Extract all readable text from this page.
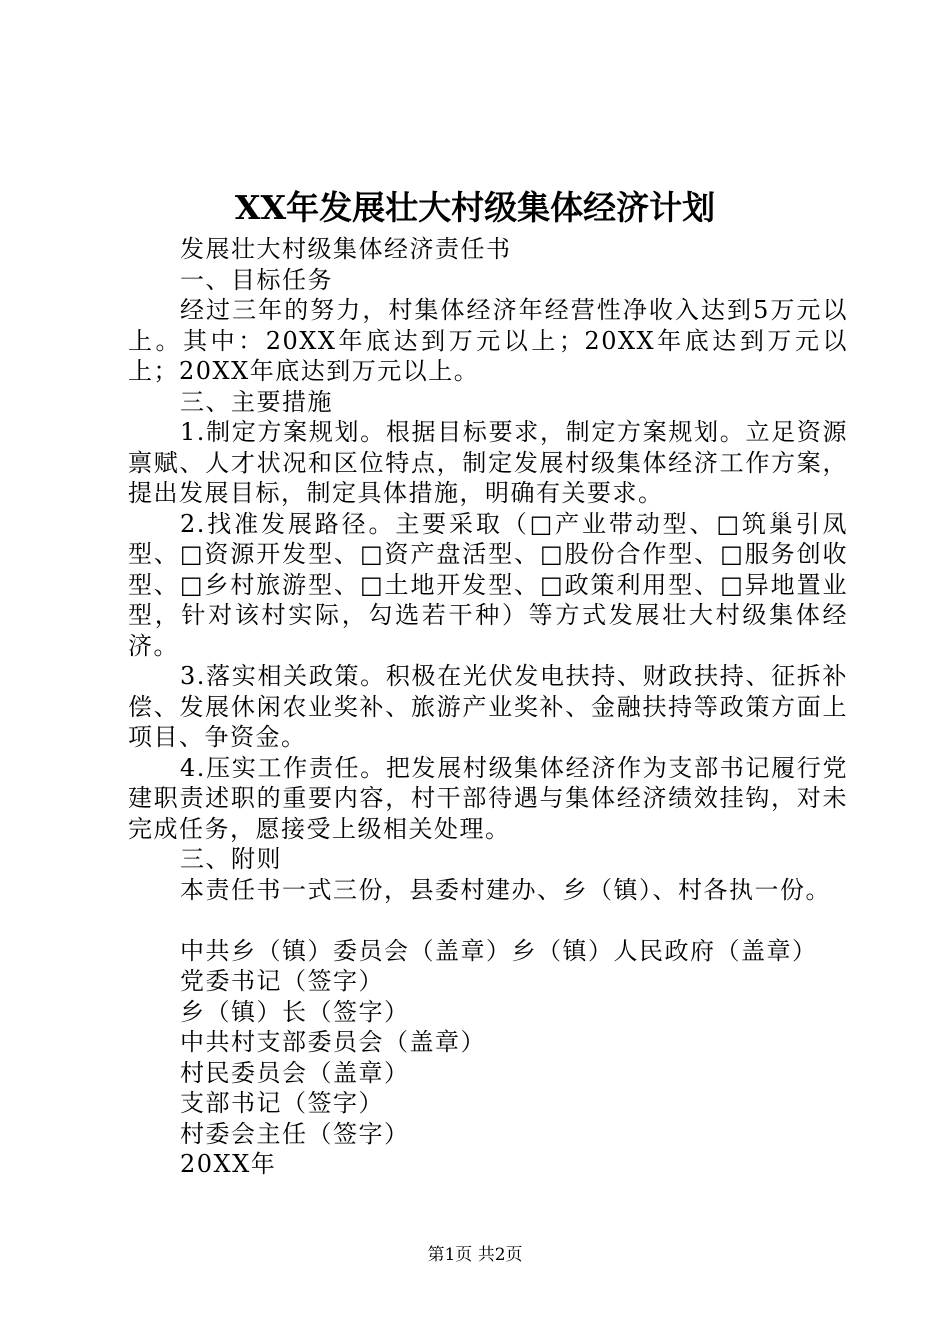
XX年发展壮大村级集体经济计划

发展壮大村级集体经济责任书

一、目标任务

经过三年的努力，村集体经济年经营性净收入达到5万元以上。其中：20XX年底达到万元以上；20XX年底达到万元以上；20XX年底达到万元以上。

三、主要措施

1.制定方案规划。根据目标要求，制定方案规划。立足资源禀赋、人才状况和区位特点，制定发展村级集体经济工作方案，提出发展目标，制定具体措施，明确有关要求。

2.找准发展路径。主要采取（□产业带动型、□筑巢引凤型、□资源开发型、□资产盘活型、□股份合作型、□服务创收型、□乡村旅游型、□土地开发型、□政策利用型、□异地置业型，针对该村实际，勾选若干种）等方式发展壮大村级集体经济。

3.落实相关政策。积极在光伏发电扶持、财政扶持、征拆补偿、发展休闲农业奖补、旅游产业奖补、金融扶持等政策方面上项目、争资金。

4.压实工作责任。把发展村级集体经济作为支部书记履行党建职责述职的重要内容，村干部待遇与集体经济绩效挂钩，对未完成任务，愿接受上级相关处理。

三、附则

本责任书一式三份，县委村建办、乡（镇）、村各执一份。

中共乡（镇）委员会（盖章）乡（镇）人民政府（盖章）

党委书记（签字）

乡（镇）长（签字）

中共村支部委员会（盖章）

村民委员会（盖章）

支部书记（签字）

村委会主任（签字）

20XX年

第1页 共2页
